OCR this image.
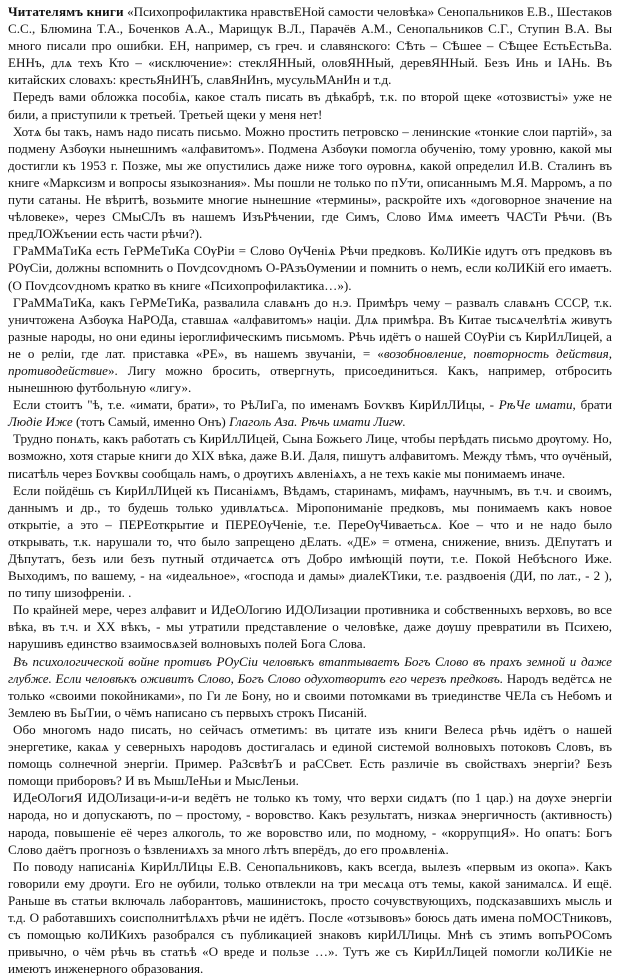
Читателямъ книги «Психопрофилактика нравствЕНой самости человѣка» Сенопальников Е.В., Шестаков С.С., Блюмина Т.А., Боченков А.А., Марищук В.Л., Парачёв А.М., Сенопальников С.Г., Ступин В.А. Вы много писали про ошибки. ЕН, например, съ греч. и славянского: СѢть – СѢшее – СѢщее ЕстьЕстьВа. ЕННъ, длѧ техъ Кто – «исключение»: стеклЯННый, оловЯННый, деревЯННый. Безъ Инь и IАНь. Въ китайских словахъ: крестьЯнИНЪ, славЯнИнъ, мусульМАнИн и т.д.

Передъ вами обложка пособіѧ, какое сталъ писать въ дѣкабрѣ, т.к. по второй щеке «отозвистъі» уже не били, а приступили к третьей. Третьей щеки у меня нет!

Хотѧ бы такъ, намъ надо писать письмо. Можно простить петровско – ленинские «тонкие слои партій», за подмену Азбѹки нынешнимъ «алфавитомъ». Подмена Азбѹки помогла обученію, тому уровню, какой мы достигли къ 1953 г. Позже, мы же опустились даже ниже того ѹровнѧ, какой определил И.В. Сталинъ въ книге «Марксизм и вопросы языкознания». Мы пошли не только по пУти, описаннымъ М.Я. Марромъ, а по пути сатаны. Не вѣритѣ, возьмите многие нынешние «термины», раскройте ихъ «договорное значение на чѣловеке», через СМыСЛъ въ нашемъ ИзъРѣчении, где Симъ, Слово Имѧ имеетъ ЧАСТи Рѣчи. (Въ предЛОЖъении есть части рѣчи?).

ГРаММаТиКа есть ГеРМеТиКа СѸРіи = Слово ѸЧеніѧ Рѣчи предковъ. КоЛИКіе идутъ отъ предковъ въ РѸСіи, должны вспомнить о Поѵдсоѵдномъ О-РАзъѸмении и помнить о немъ, если коЛИКій его имаетъ. (О Поѵдсоѵдномъ кратко въ книге «Психопрофилактика…»).

ГРаММаТиКа, какъ ГеРМеТиКа, развалила славѧнъ до н.э. Примѣръ чему – развалъ славѧнъ СССР, т.к. уничтожена Азбѹка НаРОДа, ставшаѧ «алфавитомъ» націи. Длѧ примѣра. Въ Китае тысѧчелѣтіѧ живутъ разные народы, но они едины іероглифическимъ письмомъ. Рѣчь идётъ о нашей СѸРіи съ КирИлЛицей, а не о реліи, где лат. приставка «РЕ», въ нашемъ звучаніи, = «возобновление, повторность действия, противодействие». Лигу можно бросить, отвергнуть, присоединиться. Какъ, например, отбросить нынешнюю футбольную «лигу».

Если стоитъ "ѣ, т.е. «имати, брати», то РѣЛиГа, по именамъ Боѵквъ КирИлЛИцы, - РѣЧе имати, брати Людіе Иже (тотъ Самый, именно Онъ) Глаголь Аза. Рѣчь имати Лигѡ.

Трудно понѧть, какъ работать съ КирИлЛИцей, Сына Божьего Лице, чтобы перѣдать письмо дрѹгому. Но, возможно, хотя старые книги до XIX вѣка, даже В.И. Даля, пишутъ алфавитомъ. Между тѣмъ, что ѹчёный, писатѣль через Боѵквы сообщаль намъ, о дрѹгихъ ѧвленіѧхъ, а не техъ какіе мы понимаемъ иначе.

Если пойдёшь съ КирИлЛИцей къ Писаніѧмъ, Вѣдамъ, старинамъ, мифамъ, научнымъ, въ т.ч. и своимъ, даннымъ и др., то будешь только удивлѧтьсѧ. Міропониманіе предковъ, мы понимаемъ какъ новое открытіе, а это – ПЕРЕоткрытие и ПЕРЕѸЧеніе, т.е. ПереѸЧиваетьсѧ. Кое – что и не надо было открывать, т.к. нарушали то, что было запрещено дЕлать. «ДЕ» = отмена, снижение, внизъ. ДЕпутатъ и Дѣпутатъ, безъ или безъ путный отдичаетсѧ отъ Добро имѣющій пѹти, т.е. Покой Небѣсного Иже. Выходимъ, по вашему, - на «идеальное», «господа и дамы» диалеКТики, т.е. раздвоенія (ДИ, по лат., - 2 ), по типу шизофреніи. .

По крайней мере, через алфавит и ИДеОЛогию ИДОЛизации противника и собственныхъ верховъ, во все вѣка, въ т.ч. и ХХ вѣкъ, - мы утратили представление о человѣке, даже дѹшу превратили въ Психею, нарушивъ единство взаимосвѧзей волновыхъ полей Бога Слова.

Въ психологической войне противъ РѸСіи человѣкъ втаптываетъ Богъ Слово въ прахъ земной и даже глубже. Если человѣкъ оживитъ Слово, Богъ Слово одухотворитъ его черезъ предковъ. Народъ ведётсѧ не только «своими покойниками», по Ги ле Бону, но и своими потомками въ триединстве ЧЕЛа съ Небомъ и Землею въ БыТии, о чёмъ написано съ первыхъ строкъ Писаній.

Обо многомъ надо писать, но сейчасъ отметимъ: въ цитате изъ книги Велеса рѣчь идётъ о нашей энергетике, какаѧ у северныхъ народовъ достигалась и единой системой волновыхъ потоковъ Словъ, въ помощь солнечной энергіи. Пример. РаЗсвѣтЪ и раССвет. Есть различіе въ свойствахъ энергіи? Безъ помощи приборовъ? И въ МышЛеНьи и МысЛеньи.

ИДеОЛогиЯ ИДОЛизаци-и-и-и ведётъ не только къ тому, что верхи сидѧтъ (по 1 цар.) на дѹхе энергіи народа, но и допускаютъ, по – простому, - воровство. Какъ результатъ, низкаѧ энергичность (активность) народа, повышеніе её через алкоголь, то же воровство или, по модному, - «коррупциЯ». Но опатъ: Богъ Слово даётъ прогнозъ о ѣзвлениѧхъ за много лѣтъ вперёдъ, до его проѧвленіѧ.

По поводу написаніѧ КирИлЛИцы Е.В. Сенопальниковъ, какъ всегда, вылезъ «первым из окопа». Какъ говорили ему дрѹги. Его не ѹбили, только отвлекли на три месѧца отъ темы, какой занималсѧ. И ещё. Раньше въ статьи включаль лаборантовъ, машинистокъ, просто сочувствующихъ, подсказавшихъ мысль и т.д. О работавшихъ соисполнитѣлѧхъ рѣчи не идётъ. После «отзывовъ» боюсь дать имена поМОСТниковъ, съ помощью коЛИКихъ разобрался съ публикацией знаковъ кирИЛЛицы. Мнѣ съ этимъ вопъРОСомъ привычно, о чём рѣчь въ статьѣ «О вреде и пользе …». Тутъ же съ КирИлЛицей помогли коЛИКіе не имеютъ инженерного образования.
